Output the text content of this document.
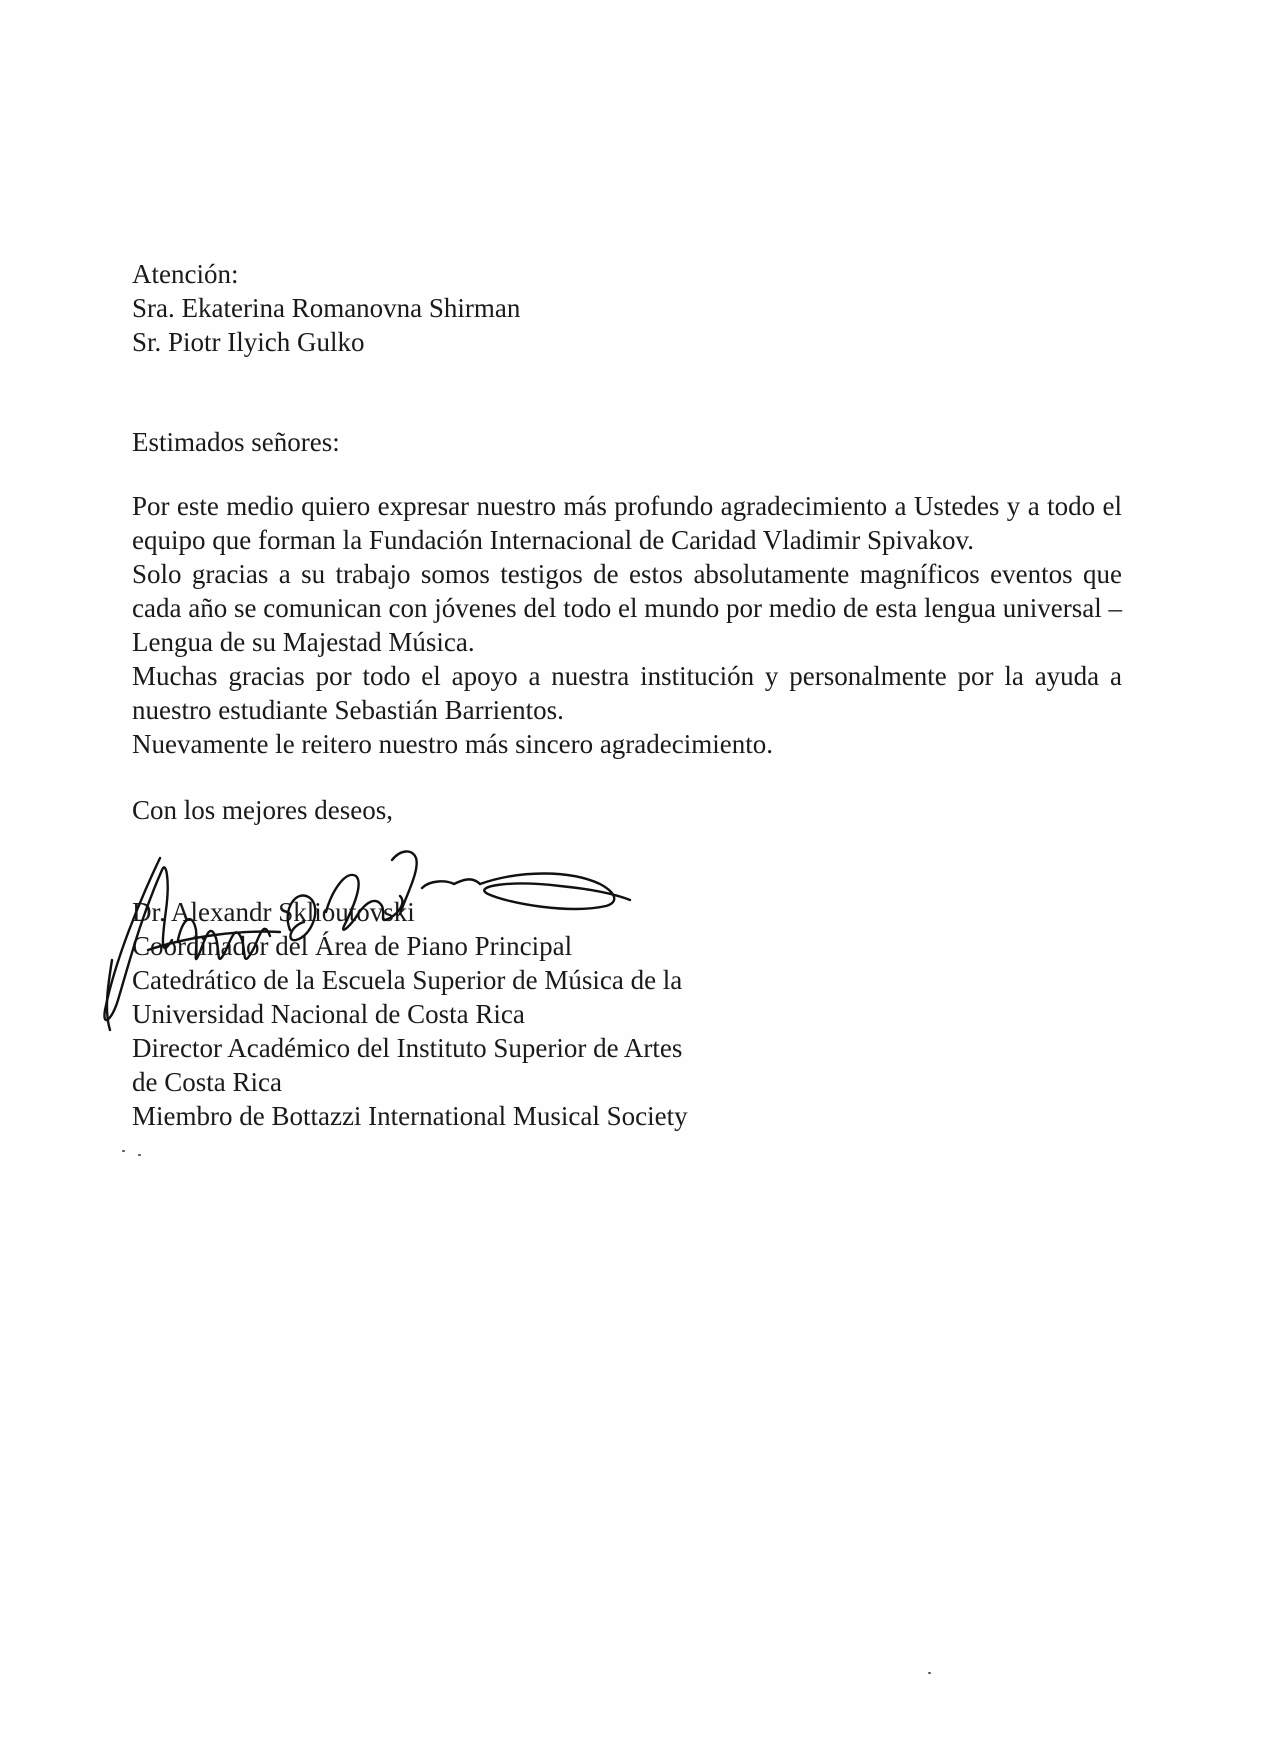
Atención:
Sra. Ekaterina Romanovna Shirman
Sr. Piotr Ilyich Gulko
Estimados señores:
Por este medio quiero expresar nuestro más profundo agradecimiento a Ustedes y a todo el equipo que forman la Fundación Internacional de Caridad Vladimir Spivakov.
Solo gracias a su trabajo somos testigos de estos absolutamente magníficos eventos que cada año se comunican con jóvenes del todo el mundo por medio de esta lengua universal – Lengua de su Majestad Música.
Muchas gracias por todo el apoyo a nuestra institución y personalmente por la ayuda a nuestro estudiante Sebastián Barrientos.
Nuevamente le reitero nuestro más sincero agradecimiento.
Con los mejores deseos,
Dr. Alexandr Sklioutovski
Coordinador del Área de Piano Principal
Catedrático de la Escuela Superior de Música de la
Universidad Nacional de Costa Rica
Director Académico del Instituto Superior de Artes
de Costa Rica
Miembro de Bottazzi International Musical Society
